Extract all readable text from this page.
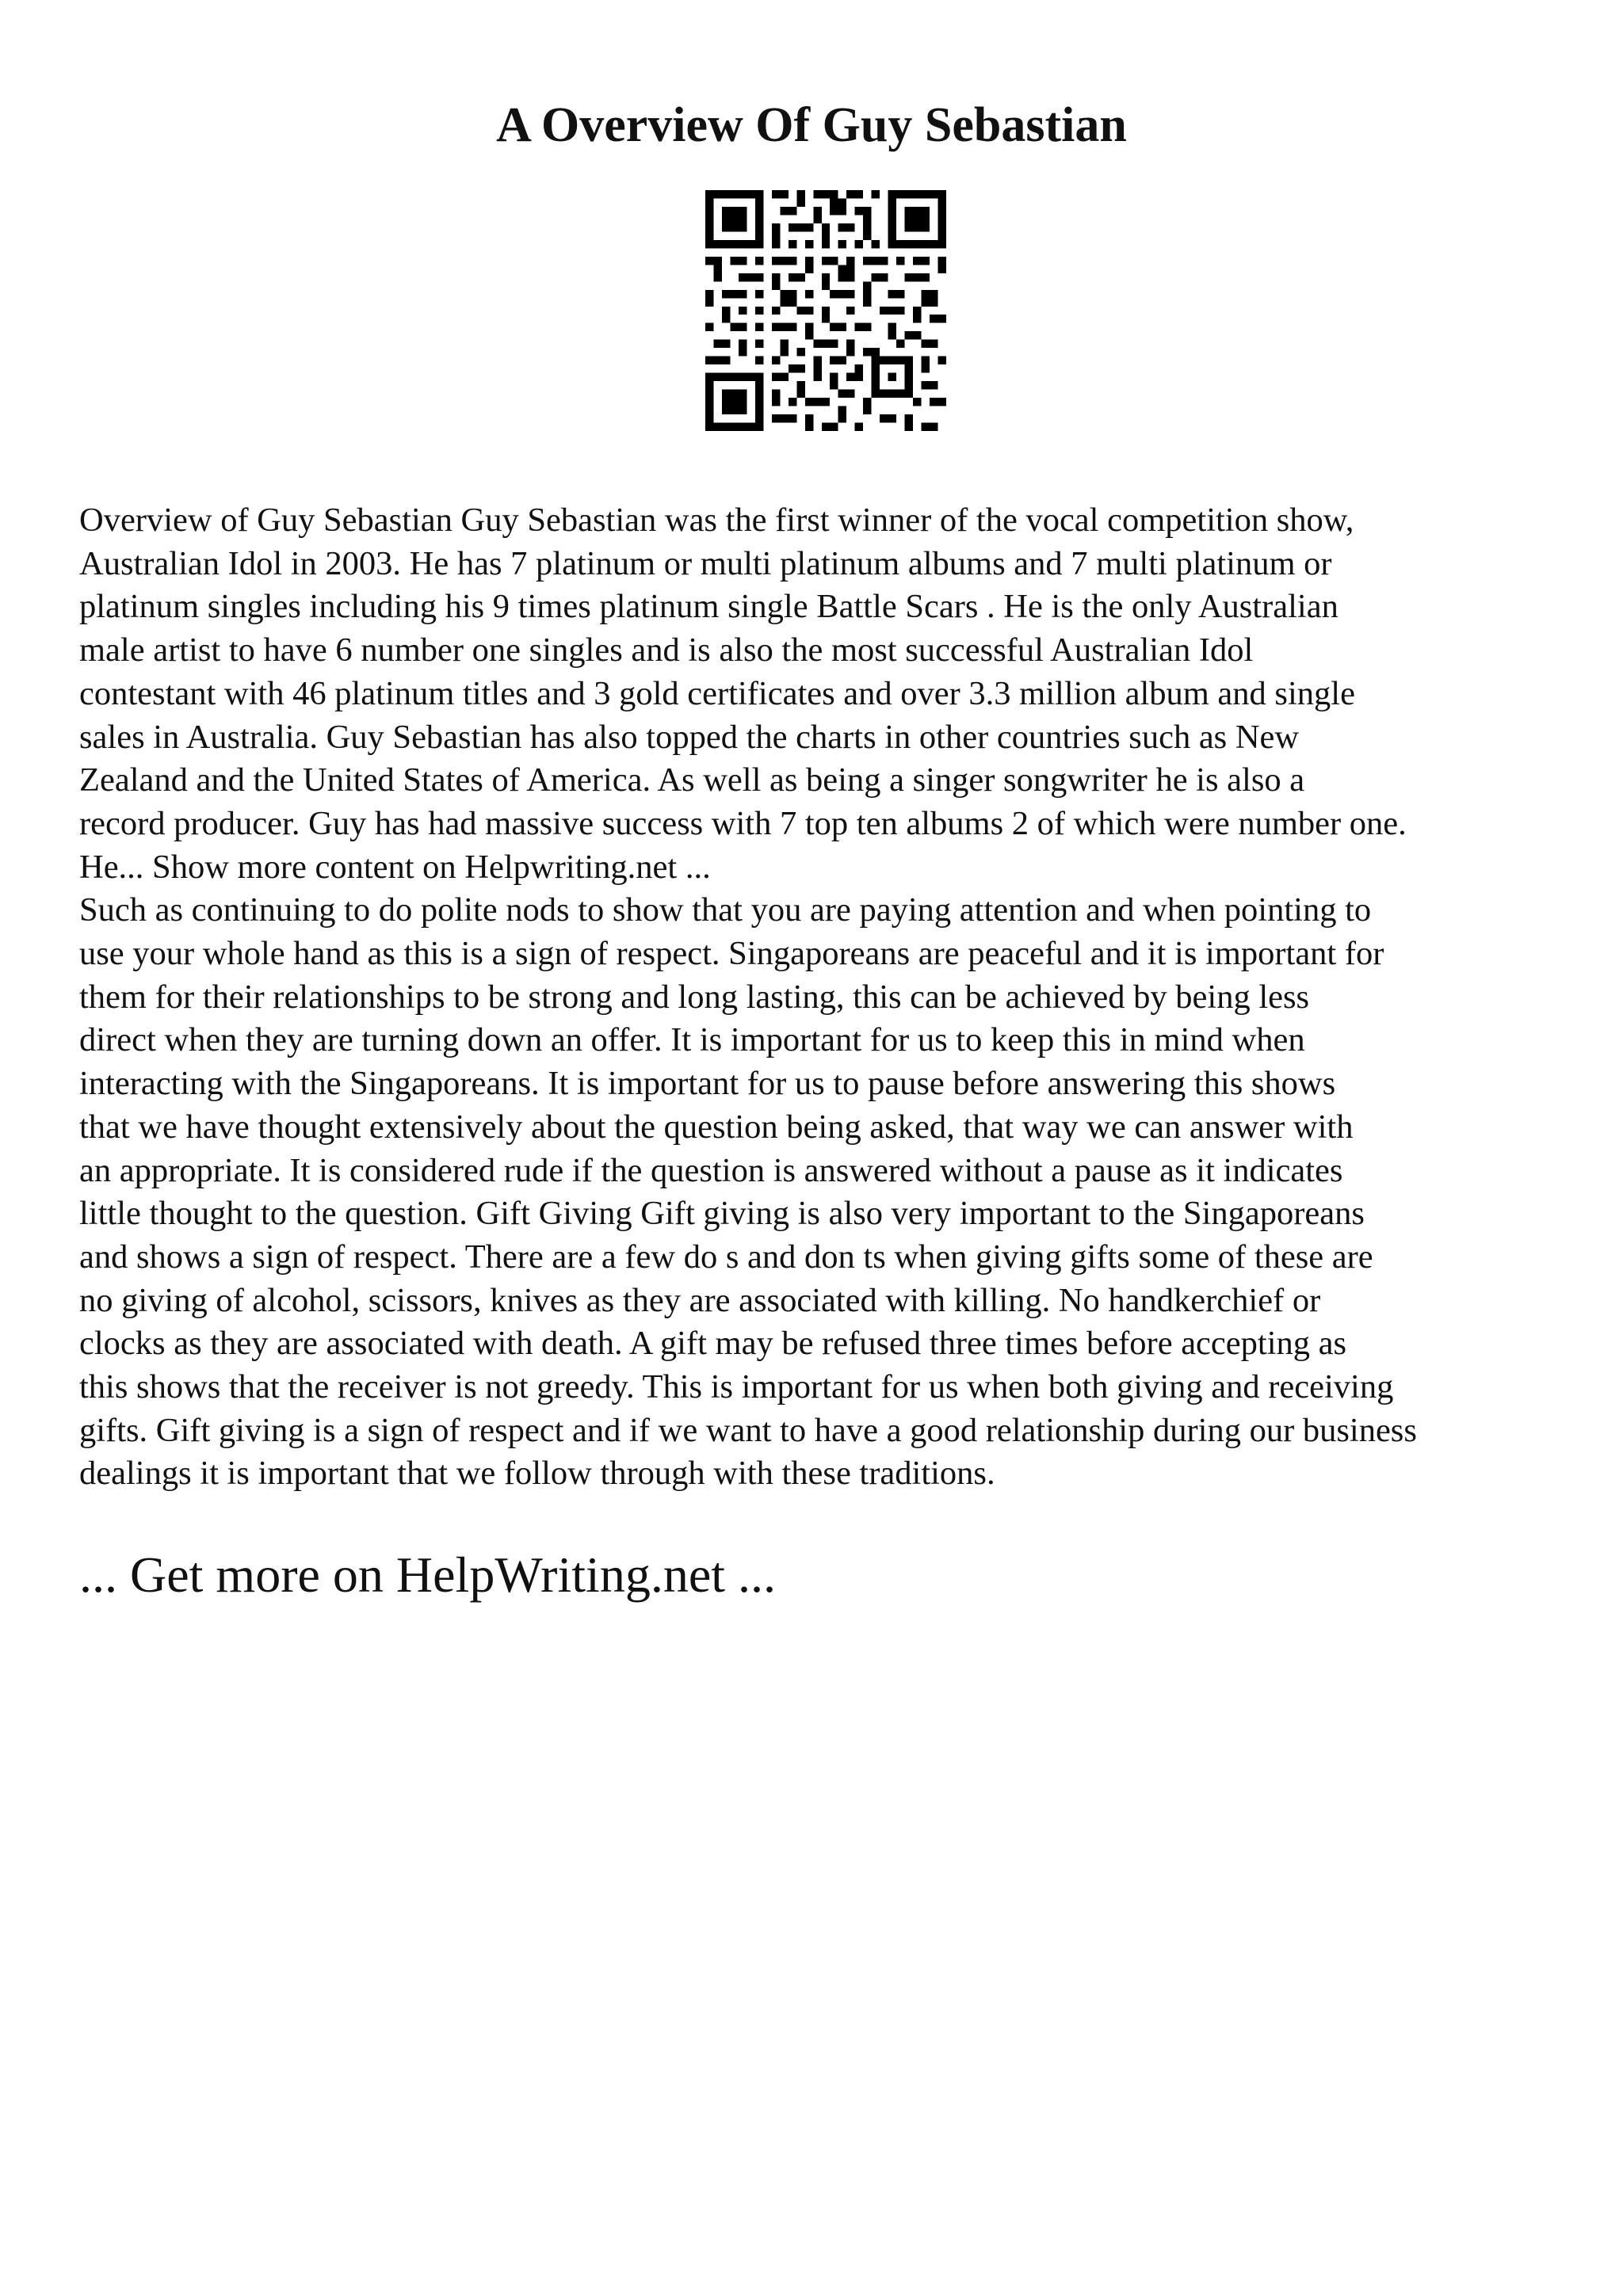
A Overview Of Guy Sebastian
Overview of Guy Sebastian Guy Sebastian was the first winner of the vocal competition show,
Australian Idol in 2003. He has 7 platinum or multi platinum albums and 7 multi platinum or
platinum singles including his 9 times platinum single Battle Scars . He is the only Australian
male artist to have 6 number one singles and is also the most successful Australian Idol
contestant with 46 platinum titles and 3 gold certificates and over 3.3 million album and single
sales in Australia. Guy Sebastian has also topped the charts in other countries such as New
Zealand and the United States of America. As well as being a singer songwriter he is also a
record producer. Guy has had massive success with 7 top ten albums 2 of which were number one.
He... Show more content on Helpwriting.net ...
Such as continuing to do polite nods to show that you are paying attention and when pointing to
use your whole hand as this is a sign of respect. Singaporeans are peaceful and it is important for
them for their relationships to be strong and long lasting, this can be achieved by being less
direct when they are turning down an offer. It is important for us to keep this in mind when
interacting with the Singaporeans. It is important for us to pause before answering this shows
that we have thought extensively about the question being asked, that way we can answer with
an appropriate. It is considered rude if the question is answered without a pause as it indicates
little thought to the question. Gift Giving Gift giving is also very important to the Singaporeans
and shows a sign of respect. There are a few do s and don ts when giving gifts some of these are
no giving of alcohol, scissors, knives as they are associated with killing. No handkerchief or
clocks as they are associated with death. A gift may be refused three times before accepting as
this shows that the receiver is not greedy. This is important for us when both giving and receiving
gifts. Gift giving is a sign of respect and if we want to have a good relationship during our business
dealings it is important that we follow through with these traditions.
... Get more on HelpWriting.net ...
